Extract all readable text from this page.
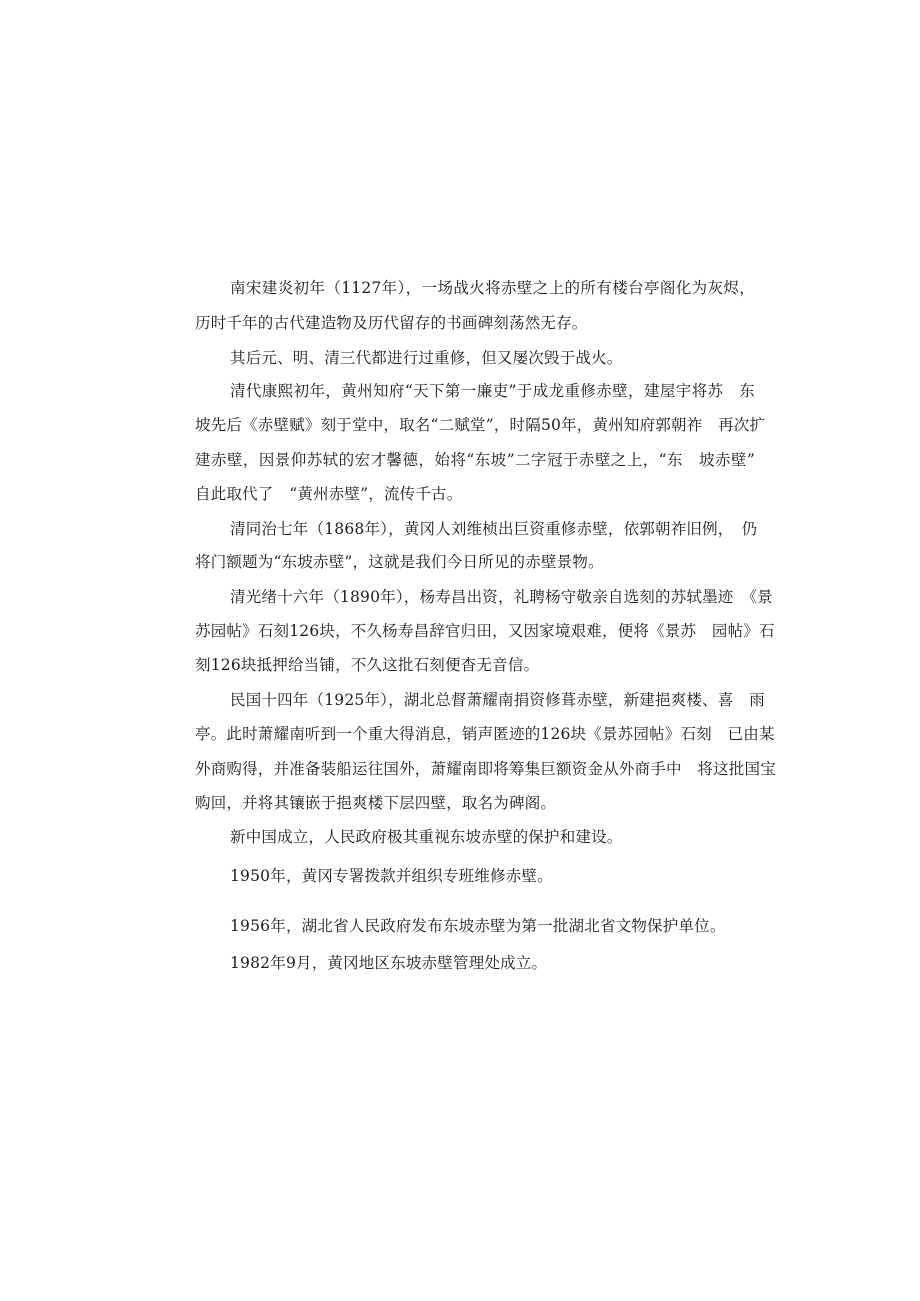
南宋建炎初年（1127年），一场战火将赤壁之上的所有楼台亭阁化为灰烬，
历时千年的古代建造物及历代留存的书画碑刻荡然无存。
其后元、明、清三代都进行过重修，但又屡次毁于战火。
清代康熙初年，黄州知府“天下第一廉吏”于成龙重修赤壁，建屋宇将苏　东
坡先后《赤壁赋》刻于堂中，取名“二赋堂”，时隔50年，黄州知府郭朝祚　再次扩
建赤壁，因景仰苏轼的宏才馨德，始将“东坡”二字冠于赤壁之上，“东　坡赤壁”
自此取代了　“黄州赤壁”，流传千古。
清同治七年（1868年），黄冈人刘维桢出巨资重修赤壁，依郭朝祚旧例，　仍
将门额题为“东坡赤壁”，这就是我们今日所见的赤壁景物。
清光绪十六年（1890年），杨寿昌出资，礼聘杨守敬亲自选刻的苏轼墨迹　《景
苏园帖》石刻126块，不久杨寿昌辞官归田，又因家境艰难，便将《景苏　园帖》石
刻126块抵押给当铺，不久这批石刻便杳无音信。
民国十四年（1925年），湖北总督萧耀南捐资修葺赤壁，新建挹爽楼、喜　雨
亭。此时萧耀南听到一个重大得消息，销声匿迹的126块《景苏园帖》石刻　已由某
外商购得，并准备装船运往国外，萧耀南即将筹集巨额资金从外商手中　将这批国宝
购回，并将其镶嵌于挹爽楼下层四壁，取名为碑阁。
新中国成立，人民政府极其重视东坡赤壁的保护和建设。
1950年，黄冈专署拨款并组织专班维修赤壁。
1956年，湖北省人民政府发布东坡赤壁为第一批湖北省文物保护单位。
1982年9月，黄冈地区东坡赤壁管理处成立。
